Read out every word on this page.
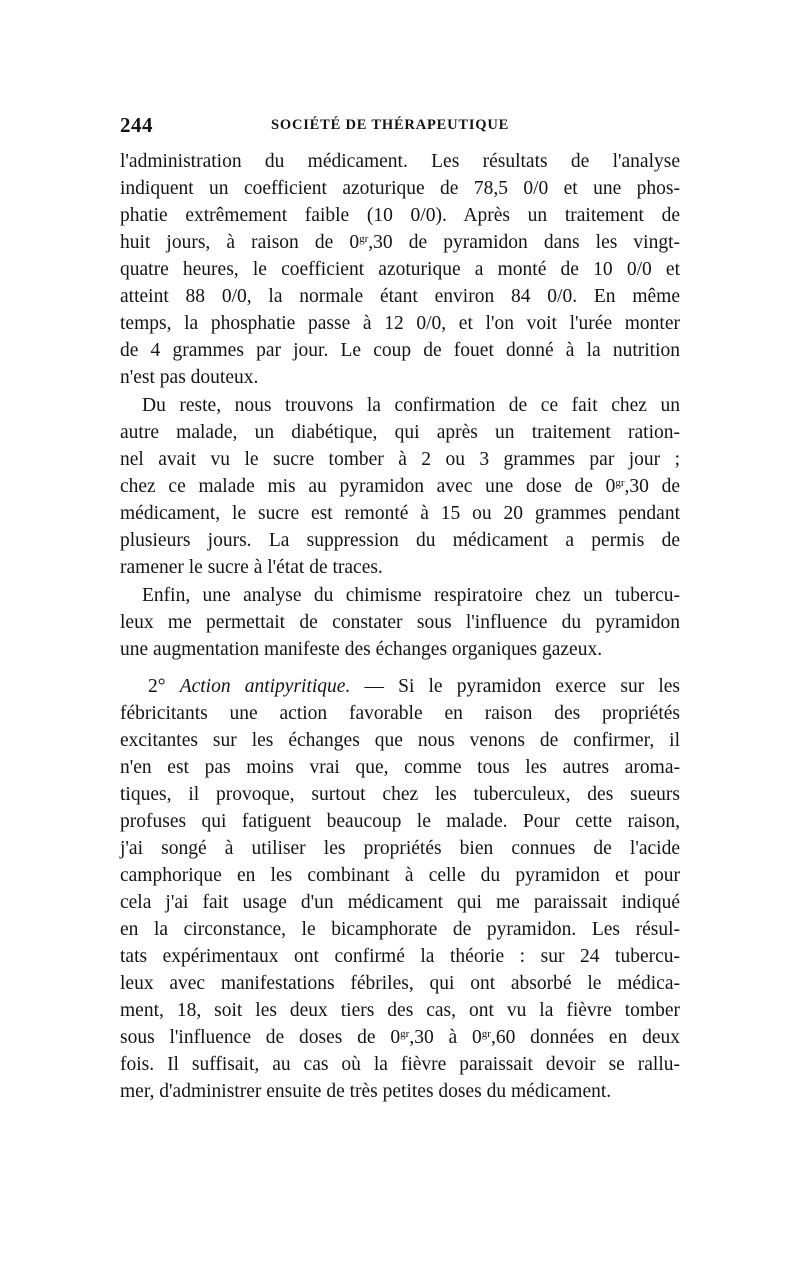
244	SOCIÉTÉ DE THÉRAPEUTIQUE
l'administration du médicament. Les résultats de l'analyse
indiquent un coefficient azoturique de 78,5 0/0 et une phos-
phatie extrêmement faible (10 0/0). Après un traitement de
huit jours, à raison de $0^{gr},30$ de pyramidon dans les vingt-
quatre heures, le coefficient azoturique a monté de 10 0/0 et
atteint 88 0/0, la normale étant environ 84 0/0. En même
temps, la phosphatie passe à 12 0/0, et l'on voit l'urée monter
de 4 grammes par jour. Le coup de fouet donné à la nutrition
n'est pas douteux.
Du reste, nous trouvons la confirmation de ce fait chez un
autre malade, un diabétique, qui après un traitement ration-
nel avait vu le sucre tomber à 2 ou 3 grammes par jour ;
chez ce malade mis au pyramidon avec une dose de $0^{gr},30$ de
médicament, le sucre est remonté à 15 ou 20 grammes pendant
plusieurs jours. La suppression du médicament a permis de
ramener le sucre à l'état de traces.
Enfin, une analyse du chimisme respiratoire chez un tubercu-
leux me permettait de constater sous l'influence du pyramidon
une augmentation manifeste des échanges organiques gazeux.
2° Action antipyritique. — Si le pyramidon exerce sur les
fébricitants une action favorable en raison des propriétés
excitantes sur les échanges que nous venons de confirmer, il
n'en est pas moins vrai que, comme tous les autres aroma-
tiques, il provoque, surtout chez les tuberculeux, des sueurs
profuses qui fatiguent beaucoup le malade. Pour cette raison,
j'ai songé à utiliser les propriétés bien connues de l'acide
camphorique en les combinant à celle du pyramidon et pour
cela j'ai fait usage d'un médicament qui me paraissait indiqué
en la circonstance, le bicamphorate de pyramidon. Les résul-
tats expérimentaux ont confirmé la théorie : sur 24 tubercu-
leux avec manifestations fébriles, qui ont absorbé le médica-
ment, 18, soit les deux tiers des cas, ont vu la fièvre tomber
sous l'influence de doses de $0^{gr},30$ à $0^{gr},60$ données en deux
fois. Il suffisait, au cas où la fièvre paraissait devoir se rallu-
mer, d'administrer ensuite de très petites doses du médicament.
